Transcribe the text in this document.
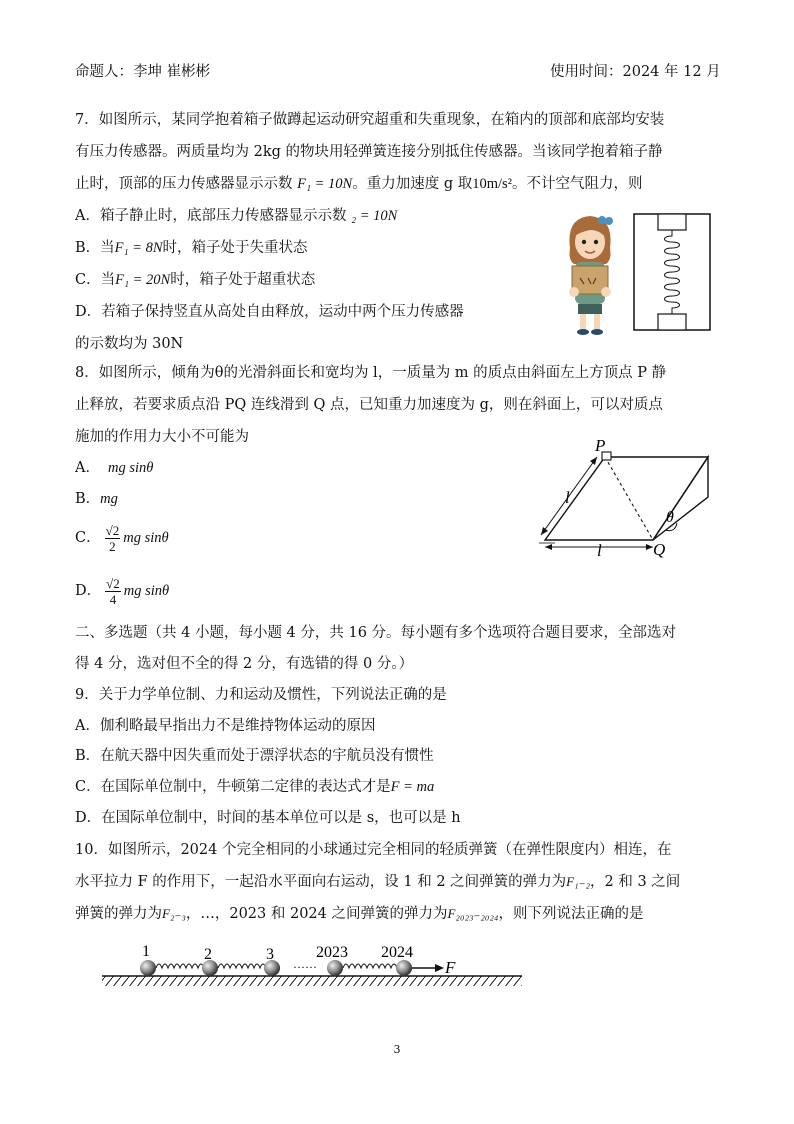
命题人：李坤 崔彬彬	使用时间：2024 年 12 月
7．如图所示，某同学抱着箱子做蹲起运动研究超重和失重现象，在箱内的顶部和底部均安装
有压力传感器。两质量均为 2kg 的物块用轻弹簧连接分别抵住传感器。当该同学抱着箱子静
止时，顶部的压力传感器显示示数 F₁ = 10N。重力加速度 g 取10m/s²。不计空气阻力，则
A．箱子静止时，底部压力传感器显示示数 ₂ = 10N
B．当F₁ = 8N时，箱子处于失重状态
C．当F₁ = 20N时，箱子处于超重状态
D．若箱子保持竖直从高处自由释放，运动中两个压力传感器
的示数均为 30N
8．如图所示，倾角为θ的光滑斜面长和宽均为 l，一质量为 m 的质点由斜面左上方顶点 P 静
止释放，若要求质点沿 PQ 连线滑到 Q 点，已知重力加速度为 g，则在斜面上，可以对质点
施加的作用力大小不可能为
A． mg sinθ
B．mg
C． $\frac{√2}{2}$ mg sinθ
D． $\frac{√2}{4}$ mg sinθ
P
Q
l
l
θ
二、多选题（共 4 小题，每小题 4 分，共 16 分。每小题有多个选项符合题目要求，全部选对
得 4 分，选对但不全的得 2 分，有选错的得 0 分。）
9．关于力学单位制、力和运动及惯性，下列说法正确的是
A．伽利略最早指出力不是维持物体运动的原因
B．在航天器中因失重而处于漂浮状态的宇航员没有惯性
C．在国际单位制中，牛顿第二定律的表达式才是F = ma
D．在国际单位制中，时间的基本单位可以是 s，也可以是 h
10．如图所示，2024 个完全相同的小球通过完全相同的轻质弹簧（在弹性限度内）相连，在
水平拉力 F 的作用下，一起沿水平面向右运动，设 1 和 2 之间弹簧的弹力为F₁₋₂，2 和 3 之间
弹簧的弹力为F₂₋₃，…，2023 和 2024 之间弹簧的弹力为F₂₀₂₃₋₂₀₂₄，则下列说法正确的是
1	2	3
······
2023 2024
F
3
